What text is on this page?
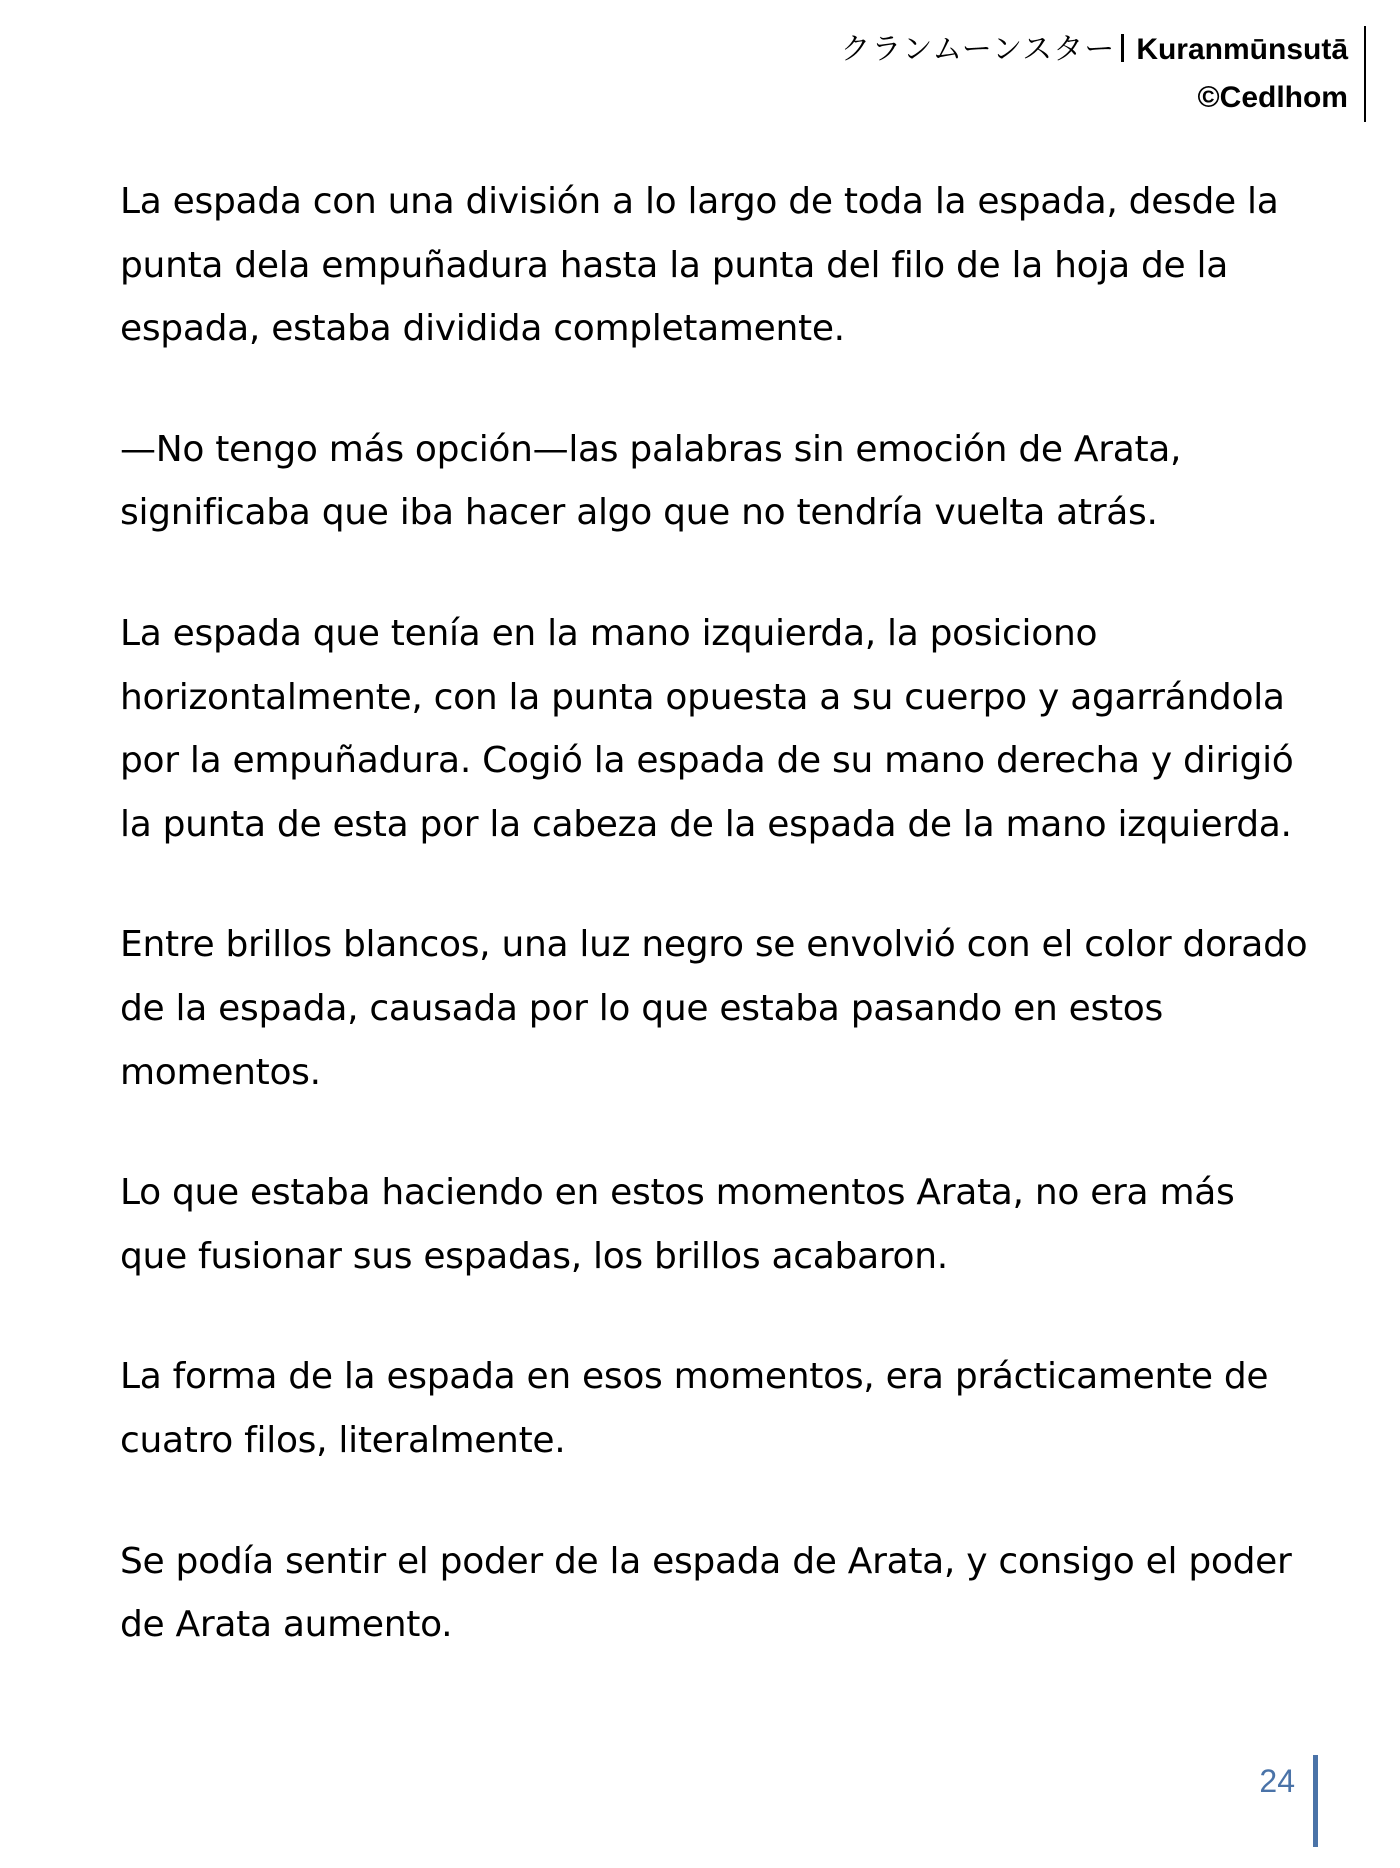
クランムーンスター Kuranmūnsutā
©Cedlhom

La espada con una división a lo largo de toda la espada, desde la punta dela empuñadura hasta la punta del filo de la hoja de la espada, estaba dividida completamente.

—No tengo más opción—las palabras sin emoción de Arata, significaba que iba hacer algo que no tendría vuelta atrás.

La espada que tenía en la mano izquierda, la posiciono horizontalmente, con la punta opuesta a su cuerpo y agarrándola por la empuñadura. Cogió la espada de su mano derecha y dirigió la punta de esta por la cabeza de la espada de la mano izquierda.

Entre brillos blancos, una luz negro se envolvió con el color dorado de la espada, causada por lo que estaba pasando en estos momentos.

Lo que estaba haciendo en estos momentos Arata, no era más que fusionar sus espadas, los brillos acabaron.

La forma de la espada en esos momentos, era prácticamente de cuatro filos, literalmente.

Se podía sentir el poder de la espada de Arata, y consigo el poder de Arata aumento.

24
